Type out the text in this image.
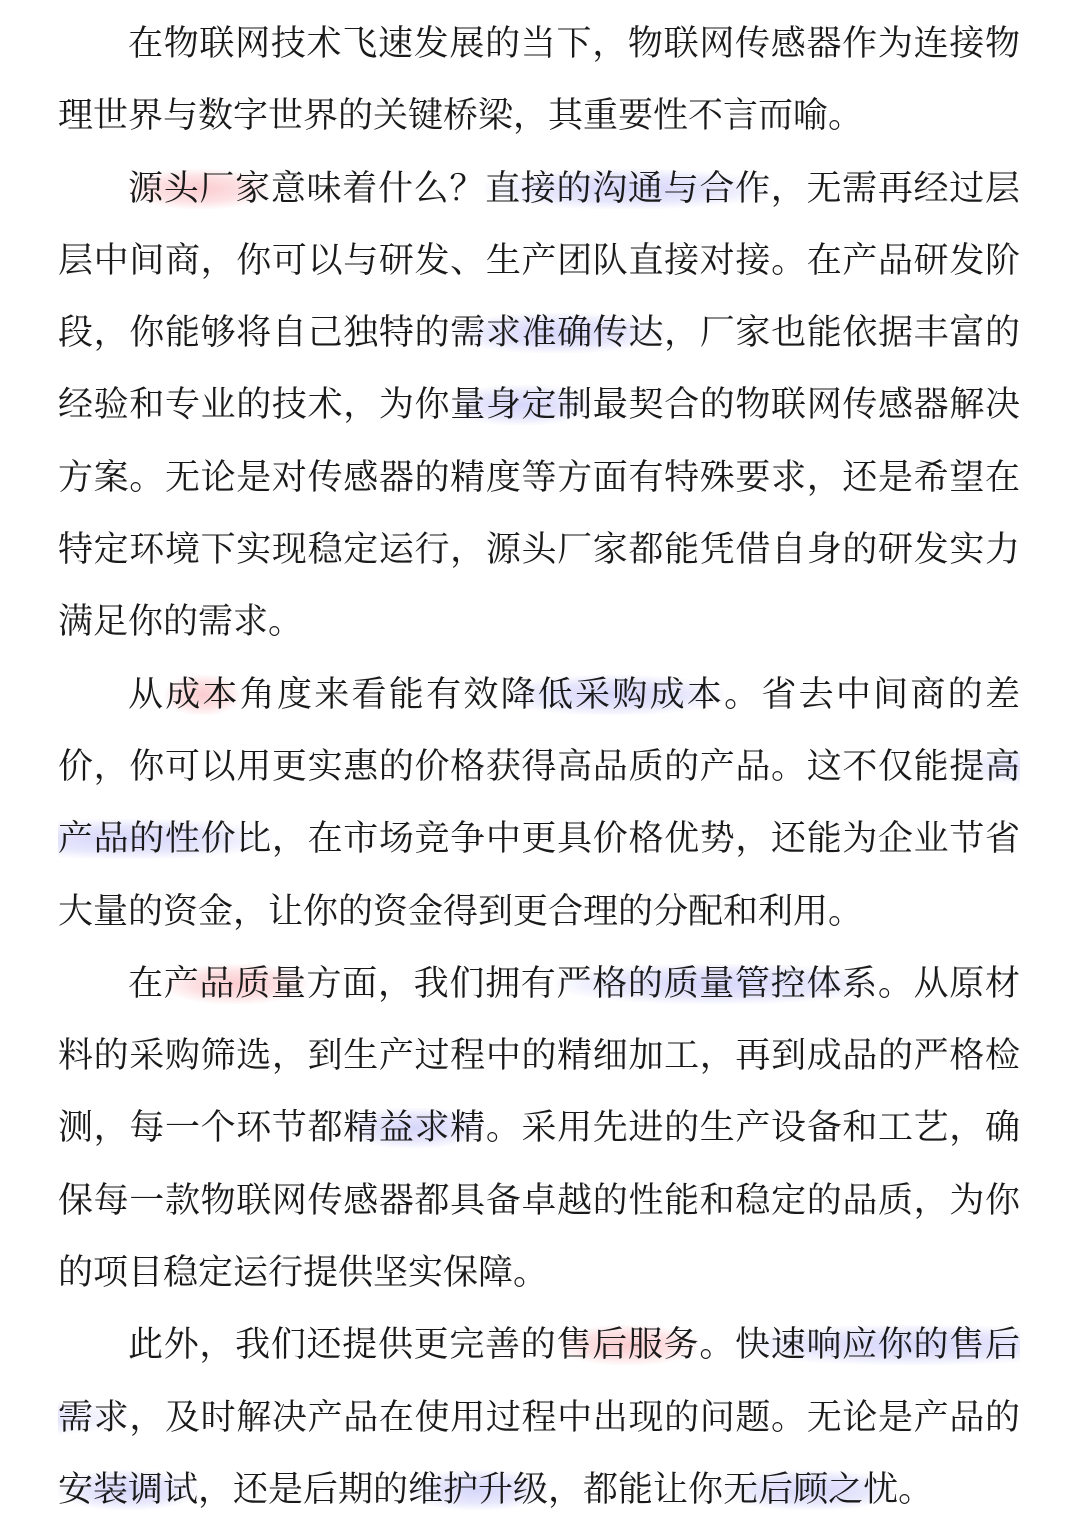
在物联网技术飞速发展的当下，物联网传感器作为连接物理世界与数字世界的关键桥梁，其重要性不言而喻。

源头厂家意味着什么？直接的沟通与合作，无需再经过层层中间商，你可以与研发、生产团队直接对接。在产品研发阶段，你能够将自己独特的需求准确传达，厂家也能依据丰富的经验和专业的技术，为你量身定制最契合的物联网传感器解决方案。无论是对传感器的精度等方面有特殊要求，还是希望在特定环境下实现稳定运行，源头厂家都能凭借自身的研发实力满足你的需求。

从成本角度来看能有效降低采购成本。省去中间商的差价，你可以用更实惠的价格获得高品质的产品。这不仅能提高产品的性价比，在市场竞争中更具价格优势，还能为企业节省大量的资金，让你的资金得到更合理的分配和利用。

在产品质量方面，我们拥有严格的质量管控体系。从原材料的采购筛选，到生产过程中的精细加工，再到成品的严格检测，每一个环节都精益求精。采用先进的生产设备和工艺，确保每一款物联网传感器都具备卓越的性能和稳定的品质，为你的项目稳定运行提供坚实保障。

此外，我们还提供更完善的售后服务。快速响应你的售后需求，及时解决产品在使用过程中出现的问题。无论是产品的安装调试，还是后期的维护升级，都能让你无后顾之忧。
